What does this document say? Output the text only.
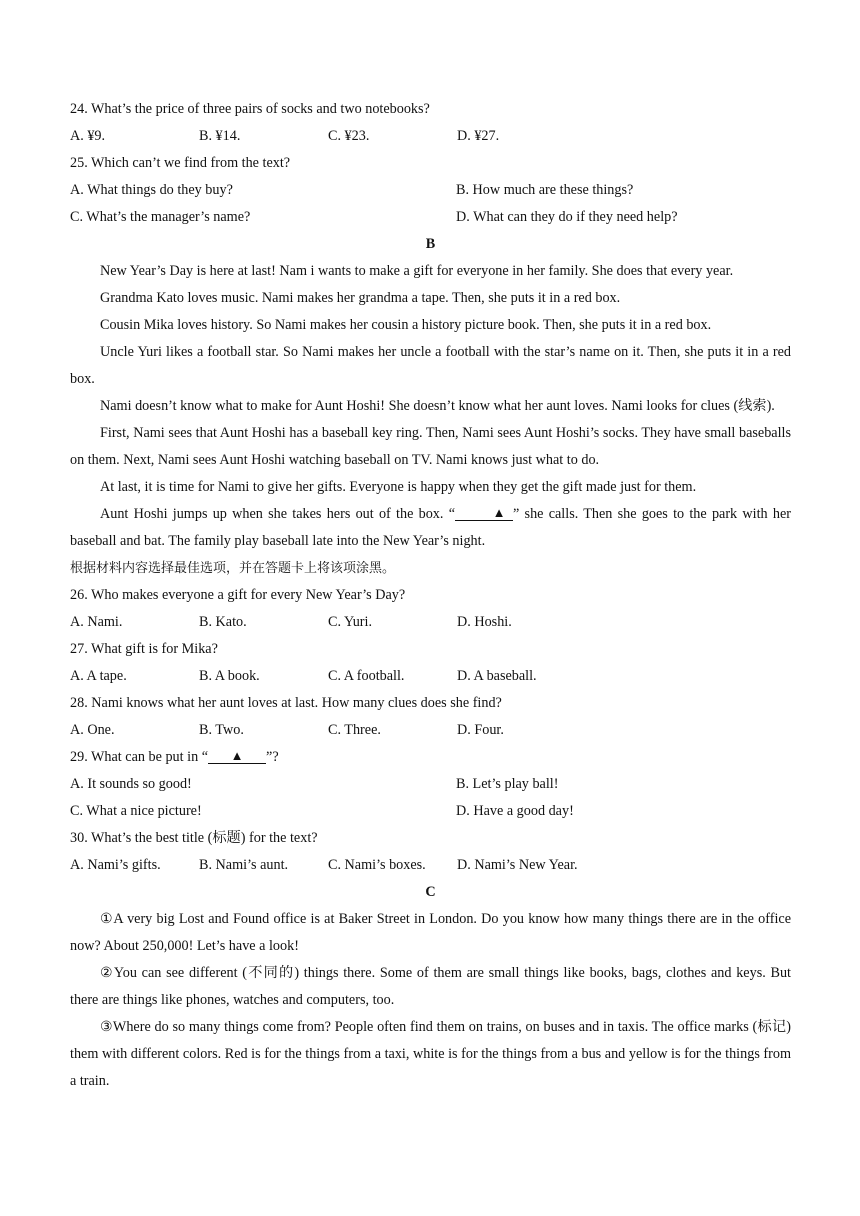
24. What’s the price of three pairs of socks and two notebooks?

A. ¥9.	B. ¥14.	C. ¥23.	D. ¥27.

25. Which can’t we find from the text?

A. What things do they buy?	B. How much are these things?
C. What’s the manager’s name?	D. What can they do if they need help?

B

New Year’s Day is here at last! Nam i wants to make a gift for everyone in her family. She does that every year.

Grandma Kato loves music. Nami makes her grandma a tape. Then, she puts it in a red box.

Cousin Mika loves history. So Nami makes her cousin a history picture book. Then, she puts it in a red box.

Uncle Yuri likes a football star. So Nami makes her uncle a football with the star’s name on it. Then, she puts it in a red box.

Nami doesn’t know what to make for Aunt Hoshi! She doesn’t know what her aunt loves. Nami looks for clues (线索).

First, Nami sees that Aunt Hoshi has a baseball key ring. Then, Nami sees Aunt Hoshi’s socks. They have small baseballs on them. Next, Nami sees Aunt Hoshi watching baseball on TV. Nami knows just what to do.

At last, it is time for Nami to give her gifts. Everyone is happy when they get the gift made just for them.

Aunt Hoshi jumps up when she takes hers out of the box. “	▲ ” she calls. Then she goes to the park with her baseball and bat. The family play baseball late into the New Year’s night.

根据材料内容选择最佳选项，并在答题卡上将该项涂黑。

26. Who makes everyone a gift for every New Year’s Day?

A. Nami.	B. Kato.	C. Yuri.	D. Hoshi.

27. What gift is for Mika?

A. A tape.	B. A book.	C. A football.	D. A baseball.

28. Nami knows what her aunt loves at last. How many clues does she find?

A. One.	B. Two.	C. Three.	D. Four.

29. What can be put in “ ▲ ”?

A. It sounds so good!	B. Let’s play ball!
C. What a nice picture!	D. Have a good day!

30. What’s the best title (标题) for the text?

A. Nami’s gifts.	B. Nami’s aunt.	C. Nami’s boxes.	D. Nami’s New Year.

C

①A very big Lost and Found office is at Baker Street in London. Do you know how many things there are in the office now? About 250,000! Let’s have a look!

②You can see different (不同的) things there. Some of them are small things like books, bags, clothes and keys. But there are things like phones, watches and computers, too.

③Where do so many things come from? People often find them on trains, on buses and in taxis. The office marks (标记) them with different colors. Red is for the things from a taxi, white is for the things from a bus and yellow is for the things from a train.
